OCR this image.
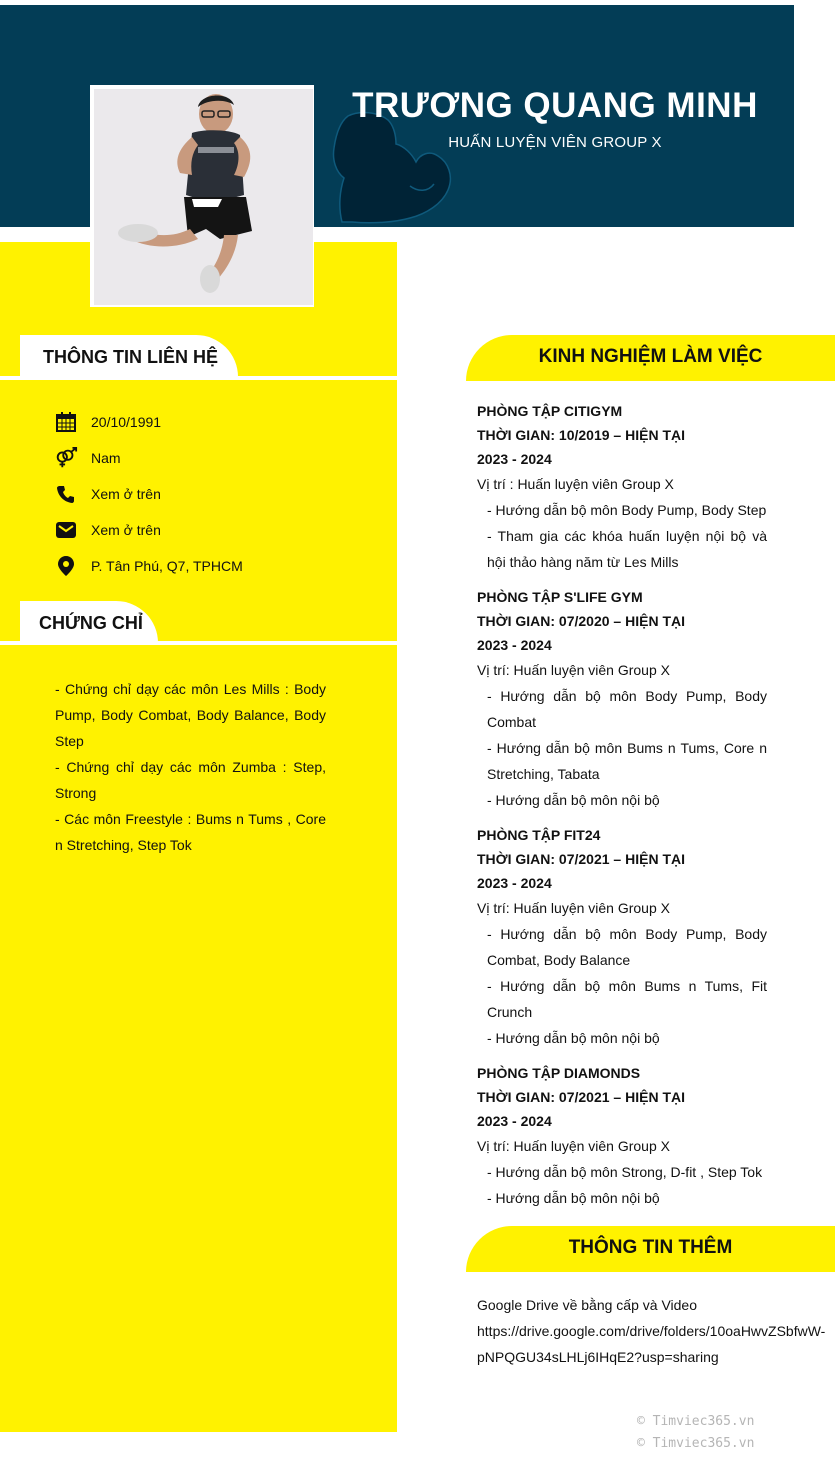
TRƯƠNG QUANG MINH
HUẤN LUYỆN VIÊN GROUP X
THÔNG TIN LIÊN HỆ
20/10/1991
Nam
Xem ở trên
Xem ở trên
P. Tân Phú, Q7, TPHCM
CHỨNG CHỈ
- Chứng chỉ dạy các môn Les Mills : Body Pump, Body Combat, Body Balance, Body Step
- Chứng chỉ dạy các môn Zumba : Step, Strong
- Các môn Freestyle : Bums n Tums , Core n Stretching, Step Tok
KINH NGHIỆM LÀM VIỆC
PHÒNG TẬP CITIGYM
THỜI GIAN: 10/2019 – HIỆN TẠI
2023 - 2024
Vị trí : Huấn luyện viên Group X
- Hướng dẫn bộ môn Body Pump, Body Step
- Tham gia các khóa huấn luyện nội bộ và hội thảo hàng năm từ Les Mills
PHÒNG TẬP S'LIFE GYM
THỜI GIAN: 07/2020 – HIỆN TẠI
2023 - 2024
Vị trí: Huấn luyện viên Group X
- Hướng dẫn bộ môn Body Pump, Body Combat
- Hướng dẫn bộ môn Bums n Tums, Core n Stretching, Tabata
- Hướng dẫn bộ môn nội bộ
PHÒNG TẬP FIT24
THỜI GIAN: 07/2021 – HIỆN TẠI
2023 - 2024
Vị trí: Huấn luyện viên Group X
- Hướng dẫn bộ môn Body Pump, Body Combat, Body Balance
- Hướng dẫn bộ môn Bums n Tums, Fit Crunch
- Hướng dẫn bộ môn nội bộ
PHÒNG TẬP DIAMONDS
THỜI GIAN: 07/2021 – HIỆN TẠI
2023 - 2024
Vị trí: Huấn luyện viên Group X
- Hướng dẫn bộ môn Strong, D-fit , Step Tok
- Hướng dẫn bộ môn nội bộ
THÔNG TIN THÊM
Google Drive về bằng cấp và Video
https://drive.google.com/drive/folders/10oaHwvZSbfwW-
pNPQGU34sLHLj6IHqE2?usp=sharing
© Timviec365.vn
© Timviec365.vn
